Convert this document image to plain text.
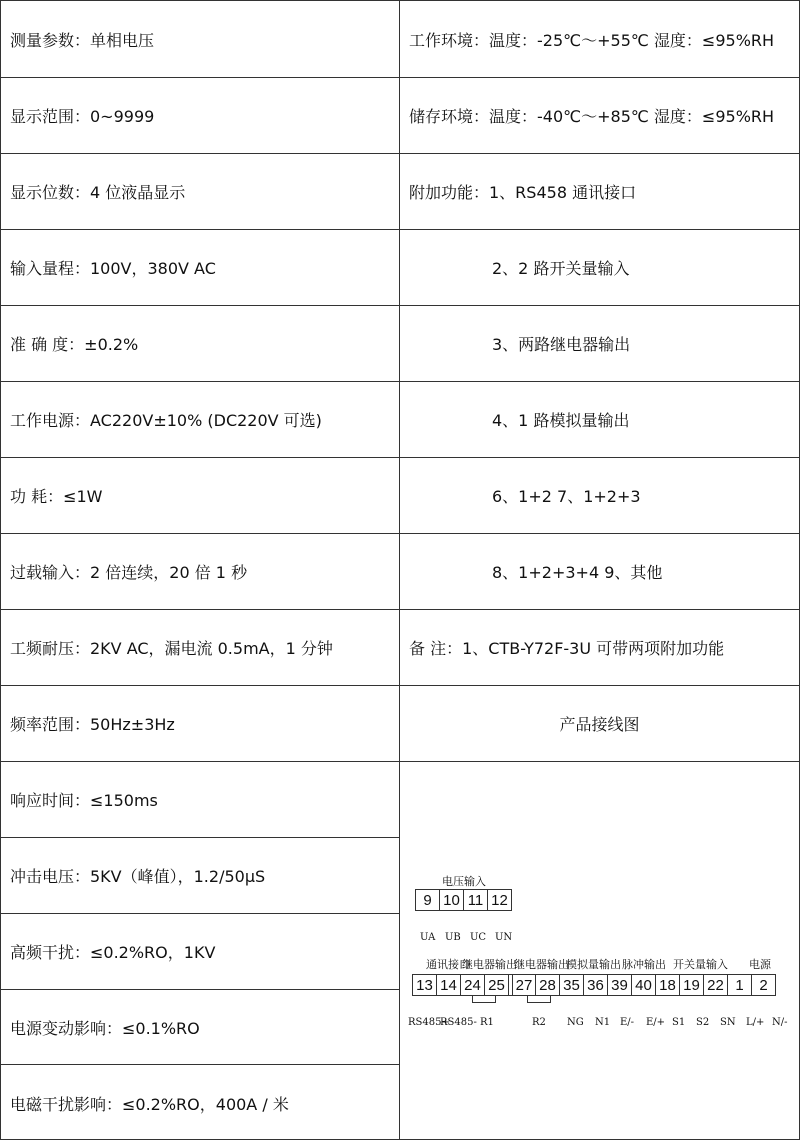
测量参数：单相电压
显示范围：0~9999
显示位数：4 位液晶显示
输入量程：100V，380V AC
准 确 度：±0.2%
工作电源：AC220V±10% (DC220V 可选)
功 耗：≤1W
过载输入：2 倍连续，20 倍 1 秒
工频耐压：2KV AC，漏电流 0.5mA，1 分钟
频率范围：50Hz±3Hz
响应时间：≤150ms
冲击电压：5KV（峰值），1.2/50μS
高频干扰：≤0.2%RO，1KV
电源变动影响：≤0.1%RO
电磁干扰影响：≤0.2%RO，400A / 米
工作环境：温度：-25℃～+55℃ 湿度：≤95%RH
储存环境：温度：-40℃～+85℃ 湿度：≤95%RH
附加功能：1、RS458 通讯接口
2、2 路开关量输入
3、两路继电器输出
4、1 路模拟量输出
6、1+2 7、1+2+3
8、1+2+3+4 9、其他
备 注：1、CTB-Y72F-3U 可带两项附加功能
产品接线图
电压输入
9 10 11 12
UA UB UC UN
通讯接口
继电器输出
继电器输出
模拟量输出 脉冲输出 开关量输入 电源
13 14 24 25 27 28 35 36 39 40 18 19 22 1	2
RS485+
RS485- R1	R2 NG N1 E/- E/+ S1 S2 SN L/+ N/-
